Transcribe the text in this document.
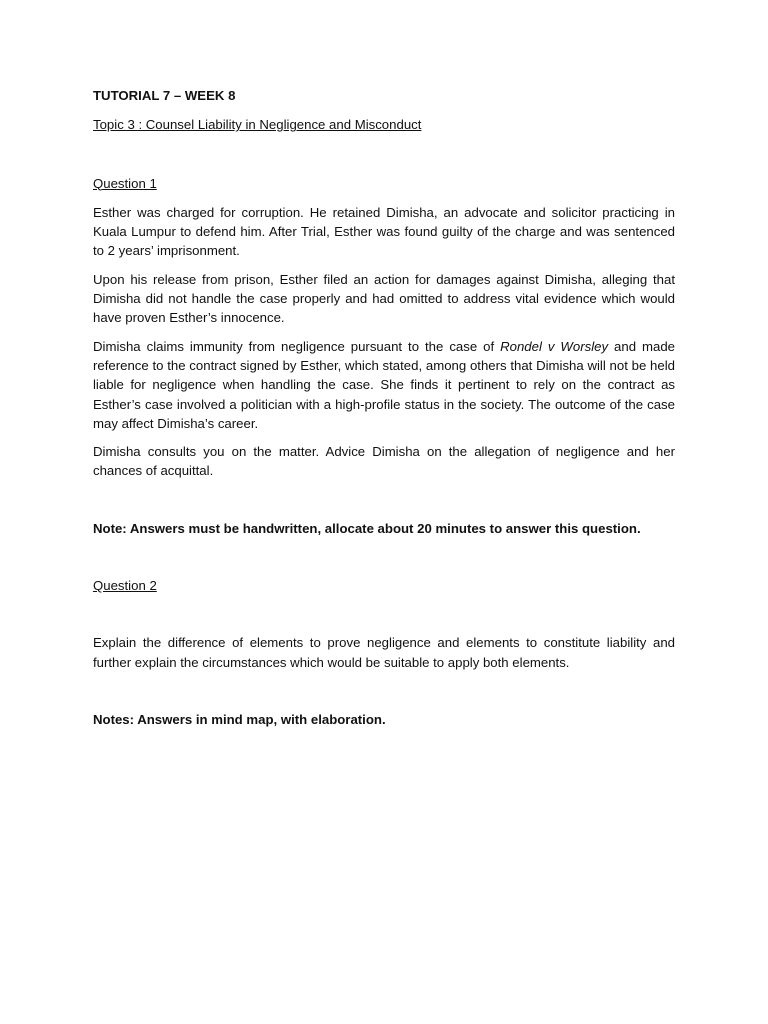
TUTORIAL 7 – WEEK 8
Topic 3 : Counsel Liability in Negligence and Misconduct
Question 1

Esther was charged for corruption. He retained Dimisha, an advocate and solicitor practicing in Kuala Lumpur to defend him. After Trial, Esther was found guilty of the charge and was sentenced to 2 years’ imprisonment.

Upon his release from prison, Esther filed an action for damages against Dimisha, alleging that Dimisha did not handle the case properly and had omitted to address vital evidence which would have proven Esther’s innocence.

Dimisha claims immunity from negligence pursuant to the case of Rondel v Worsley and made reference to the contract signed by Esther, which stated, among others that Dimisha will not be held liable for negligence when handling the case. She finds it pertinent to rely on the contract as Esther’s case involved a politician with a high-profile status in the society. The outcome of the case may affect Dimisha’s career.

Dimisha consults you on the matter. Advice Dimisha on the allegation of negligence and her chances of acquittal.

Note: Answers must be handwritten, allocate about 20 minutes to answer this question.
Question 2

Explain the difference of elements to prove negligence and elements to constitute liability and further explain the circumstances which would be suitable to apply both elements.

Notes: Answers in mind map, with elaboration.
